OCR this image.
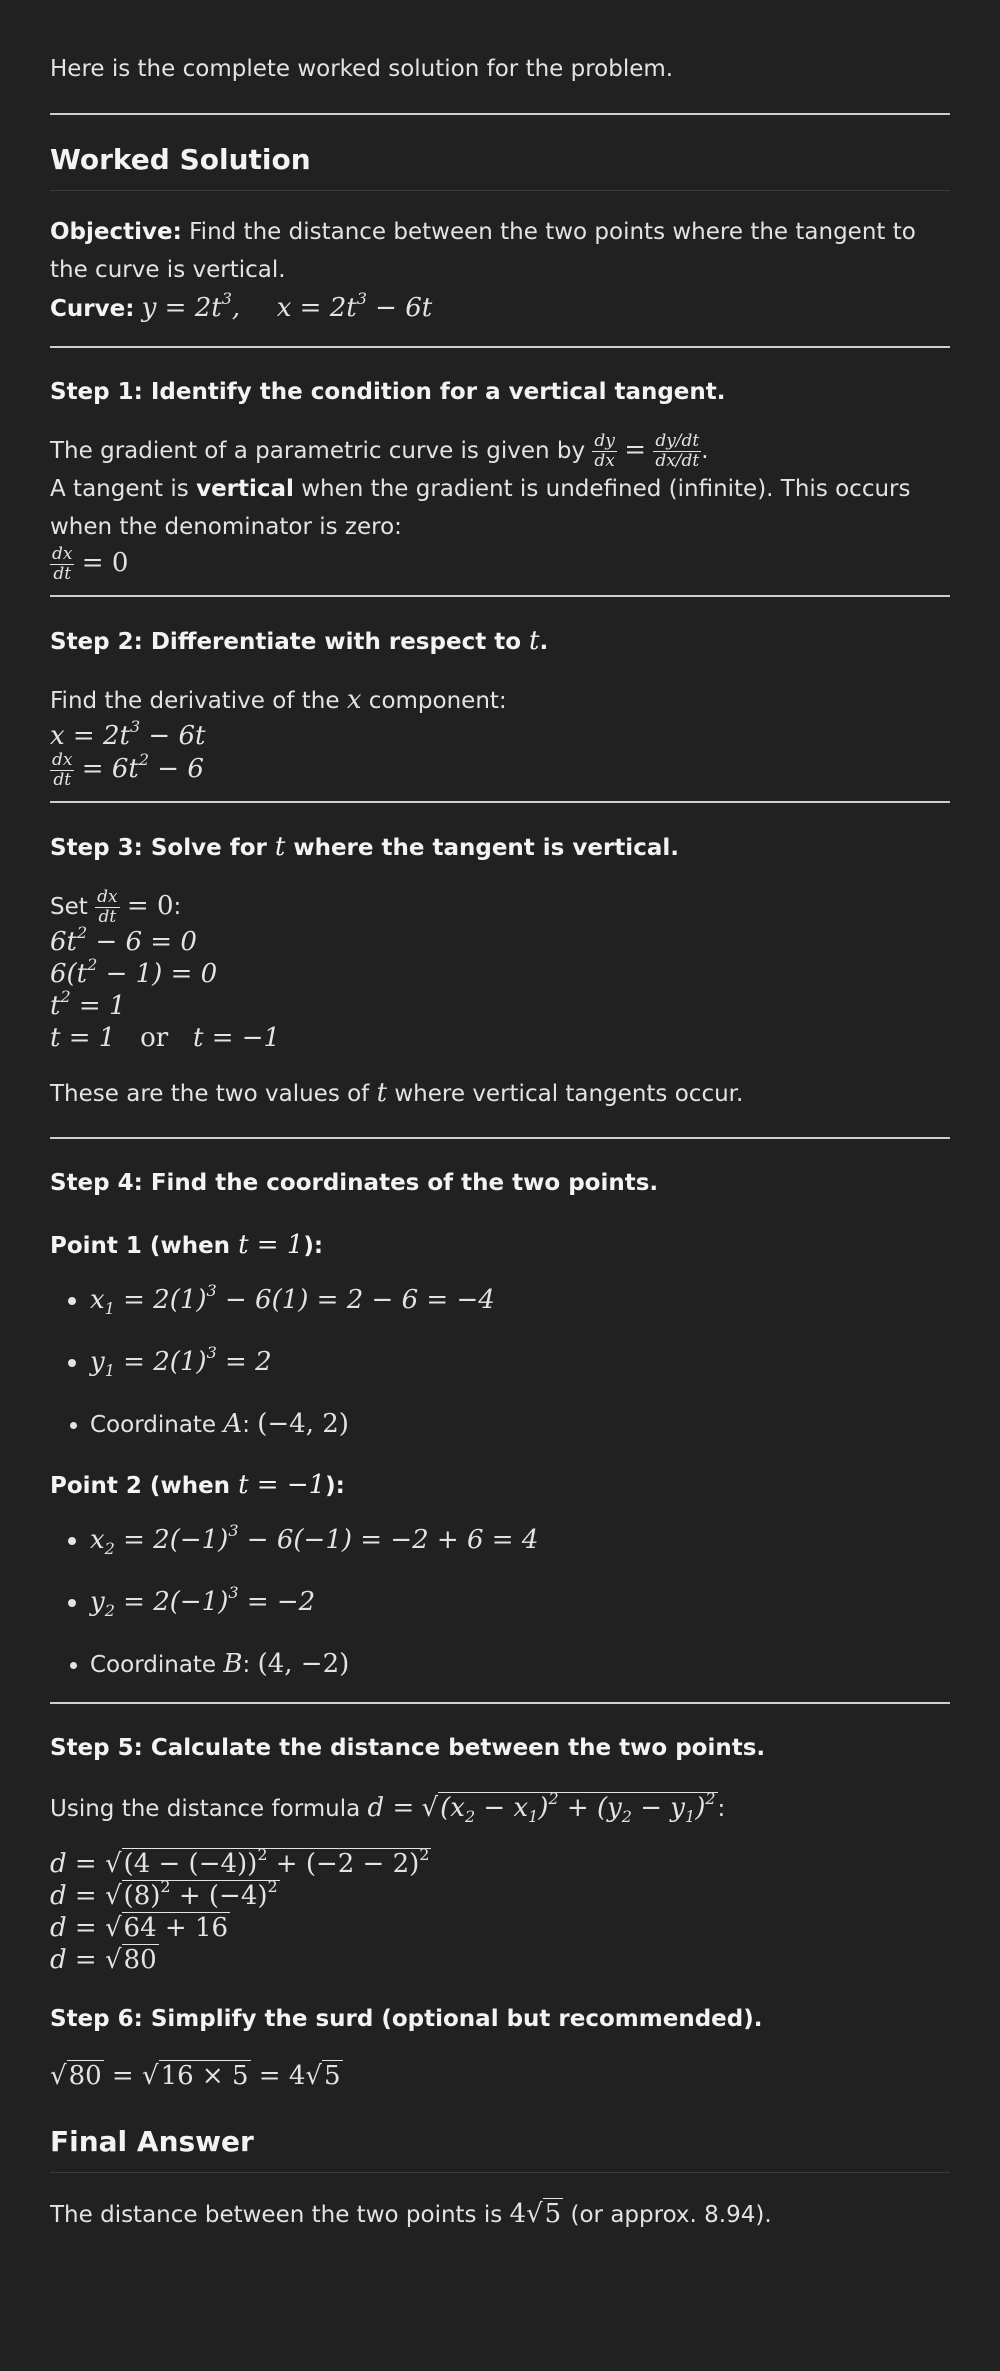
Here is the complete worked solution for the problem.

Worked Solution

Objective: Find the distance between the two points where the tangent to the curve is vertical.

Curve: $y = 2t^3$, $x = 2t^3 - 6t$

Step 1: Identify the condition for a vertical tangent.

The gradient of a parametric curve is given by $\frac{dy}{dx} = \frac{dy/dt}{dx/dt}$ .

A tangent is vertical when the gradient is undefined (infinite). This occurs when the denominator is zero:

$\frac{dx}{dt} = 0$

Step 2: Differentiate with respect to t.

Find the derivative of the x component:

$x = 2t^3 - 6t$

$\frac{dx}{dt} = 6t^2 - 6$

Step 3: Solve for t where the tangent is vertical.

Set $\frac{dx}{dt} = 0$:

$6t^2 - 6 = 0$

$6(t^2 - 1) = 0$

$t^2 = 1$

t = 1   or   t = −1

These are the two values of t where vertical tangents occur.

Step 4: Find the coordinates of the two points.
Point 1 (when t = 1):
• $x_1 = 2(1)^3 - 6(1) = 2 - 6 = -4$
• $y_1 = 2(1)^3 = 2$
• Coordinate A: (−4, 2)
Point 2 (when t = −1):
• $x_2 = 2(-1)^3 - 6(-1) = -2 + 6 = 4$
• $y_2 = 2(-1)^3 = -2$
• Coordinate B: (4, −2)
Step 5: Calculate the distance between the two points.

Using the distance formula $d = √(x_2 - x_1)^2 + (y_2 - y_1)^2$:

$d = √(4 - (-4))^2 + (-2 - 2)^2$

$d = √(8)^2 + (-4)^2$

d = √64 + 16

d = √80

Step 6: Simplify the surd (optional but recommended).

√80 = √16 × 5 = 4√5

Final Answer

The distance between the two points is 4√5 (or approx. 8.94).
